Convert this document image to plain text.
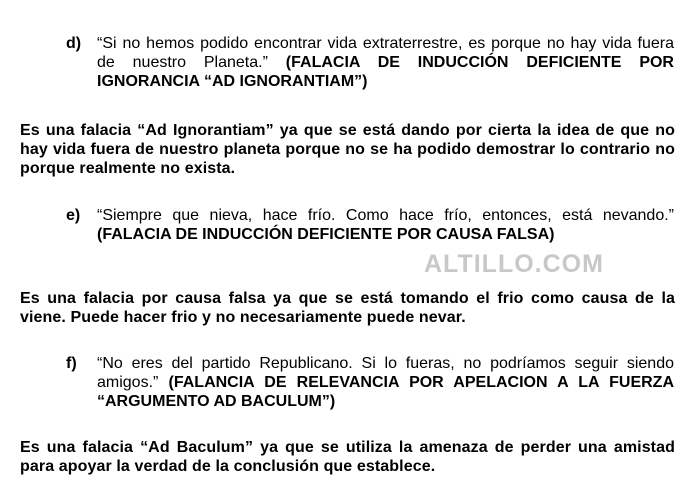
d) “Si no hemos podido encontrar vida extraterrestre, es porque no hay vida fuera de nuestro Planeta.” (FALACIA DE INDUCCIÓN DEFICIENTE POR IGNORANCIA “AD IGNORANTIAM”)
Es una falacia “Ad Ignorantiam” ya que se está dando por cierta la idea de que no hay vida fuera de nuestro planeta porque no se ha podido demostrar lo contrario no porque realmente no exista.
e) “Siempre que nieva, hace frío. Como hace frío, entonces, está nevando.” (FALACIA DE INDUCCIÓN DEFICIENTE POR CAUSA FALSA)
ALTILLO.COM
Es una falacia por causa falsa ya que se está tomando el frio como causa de la viene. Puede hacer frio y no necesariamente puede nevar.
f) “No eres del partido Republicano. Si lo fueras, no podríamos seguir siendo amigos.” (FALANCIA DE RELEVANCIA POR APELACION A LA FUERZA “ARGUMENTO AD BACULUM”)
Es una falacia “Ad Baculum” ya que se utiliza la amenaza de perder una amistad para apoyar la verdad de la conclusión que establece.
